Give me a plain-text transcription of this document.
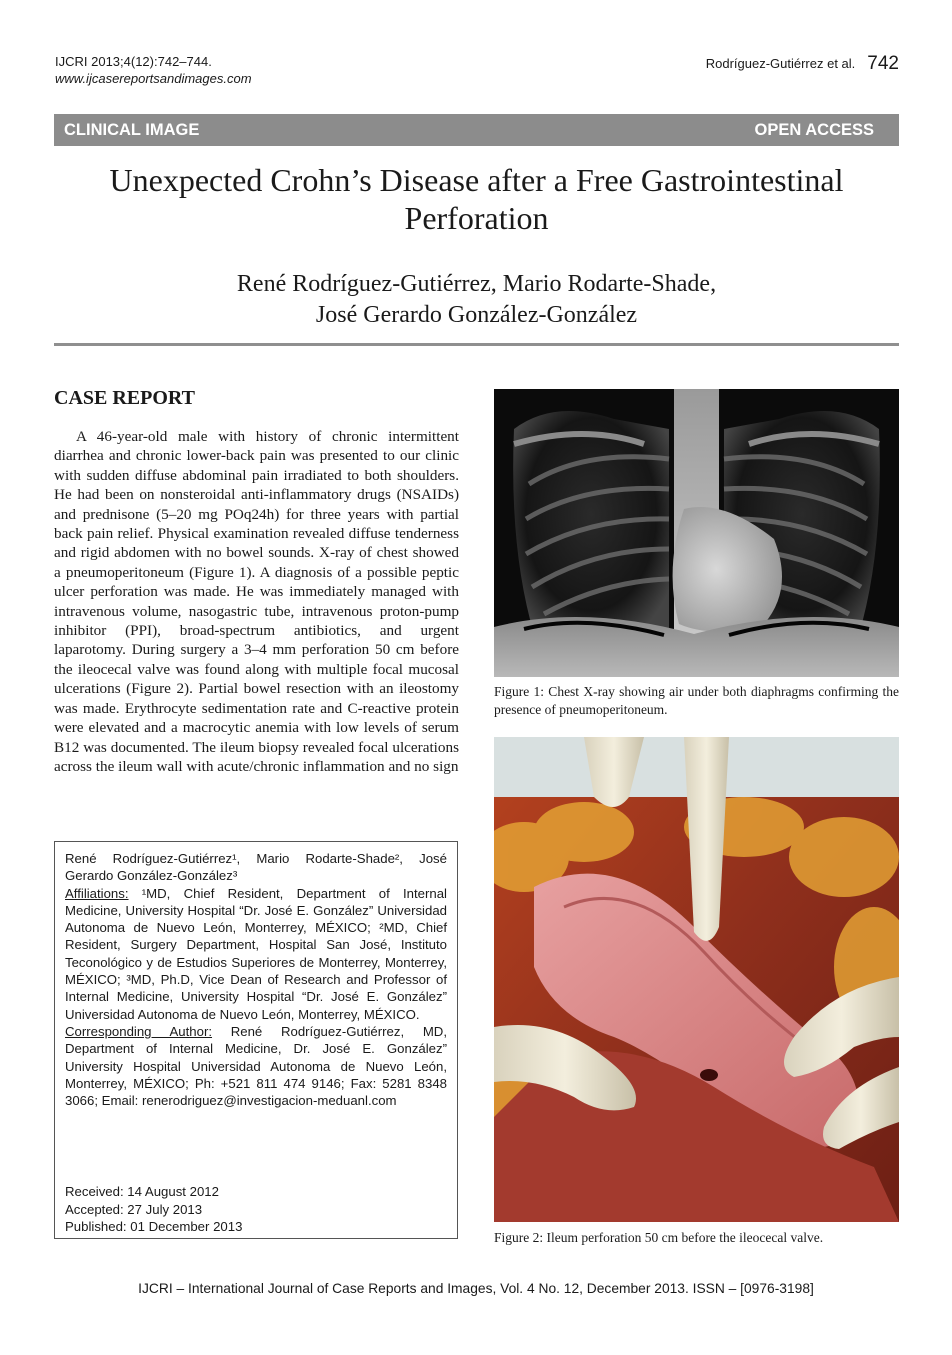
IJCRI 2013;4(12):742–744.
www.ijcasereportsandimages.com
Rodríguez-Gutiérrez et al. 742
CLINICAL IMAGE	OPEN ACCESS
Unexpected Crohn’s Disease after a Free Gastrointestinal
Perforation
René Rodríguez-Gutiérrez, Mario Rodarte-Shade,
José Gerardo González-González
CASE REPORT

A 46-year-old male with history of chronic intermittent diarrhea and chronic lower-back pain was presented to our clinic with sudden diffuse abdominal pain irradiated to both shoulders. He had been on nonsteroidal anti-inflammatory drugs (NSAIDs) and prednisone (5–20 mg POq24h) for three years with partial back pain relief. Physical examination revealed diffuse tenderness and rigid abdomen with no bowel sounds. X-ray of chest showed a pneumoperitoneum (Figure 1). A diagnosis of a possible peptic ulcer perforation was made. He was immediately managed with intravenous volume, nasogastric tube, intravenous proton-pump inhibitor (PPI), broad-spectrum antibiotics, and urgent laparotomy. During surgery a 3–4 mm perforation 50 cm before the ileocecal valve was found along with multiple focal mucosal ulcerations (Figure 2). Partial bowel resection with an ileostomy was made. Erythrocyte sedimentation rate and C-reactive protein were elevated and a macrocytic anemia with low levels of serum B12 was documented. The ileum biopsy revealed focal ulcerations across the ileum wall with acute/chronic inflammation and no sign

René Rodríguez-Gutiérrez¹, Mario Rodarte-Shade², José Gerardo González-González³

Affiliations: ¹MD, Chief Resident, Department of Internal Medicine, University Hospital “Dr. José E. González” Universidad Autonoma de Nuevo León, Monterrey, MÉXICO; ²MD, Chief Resident, Surgery Department, Hospital San José, Instituto Teconológico y de Estudios Superiores de Monterrey, Monterrey, MÉXICO; ³MD, Ph.D, Vice Dean of Research and Professor of Internal Medicine, University Hospital “Dr. José E. González” Universidad Autonoma de Nuevo León, Monterrey, MÉXICO.

Corresponding Author: René Rodríguez-Gutiérrez, MD, Department of Internal Medicine, Dr. José E. González” University Hospital Universidad Autonoma de Nuevo León, Monterrey, MÉXICO; Ph: +521 811 474 9146; Fax: 5281 8348 3066; Email: renerodriguez@investigacion-meduanl.com

Received: 14 August 2012
Accepted: 27 July 2013
Published: 01 December 2013
Figure 1: Chest X-ray showing air under both diaphragms confirming the presence of pneumoperitoneum.
Figure 2: Ileum perforation 50 cm before the ileocecal valve.
IJCRI – International Journal of Case Reports and Images, Vol. 4 No. 12, December 2013. ISSN – [0976-3198]
